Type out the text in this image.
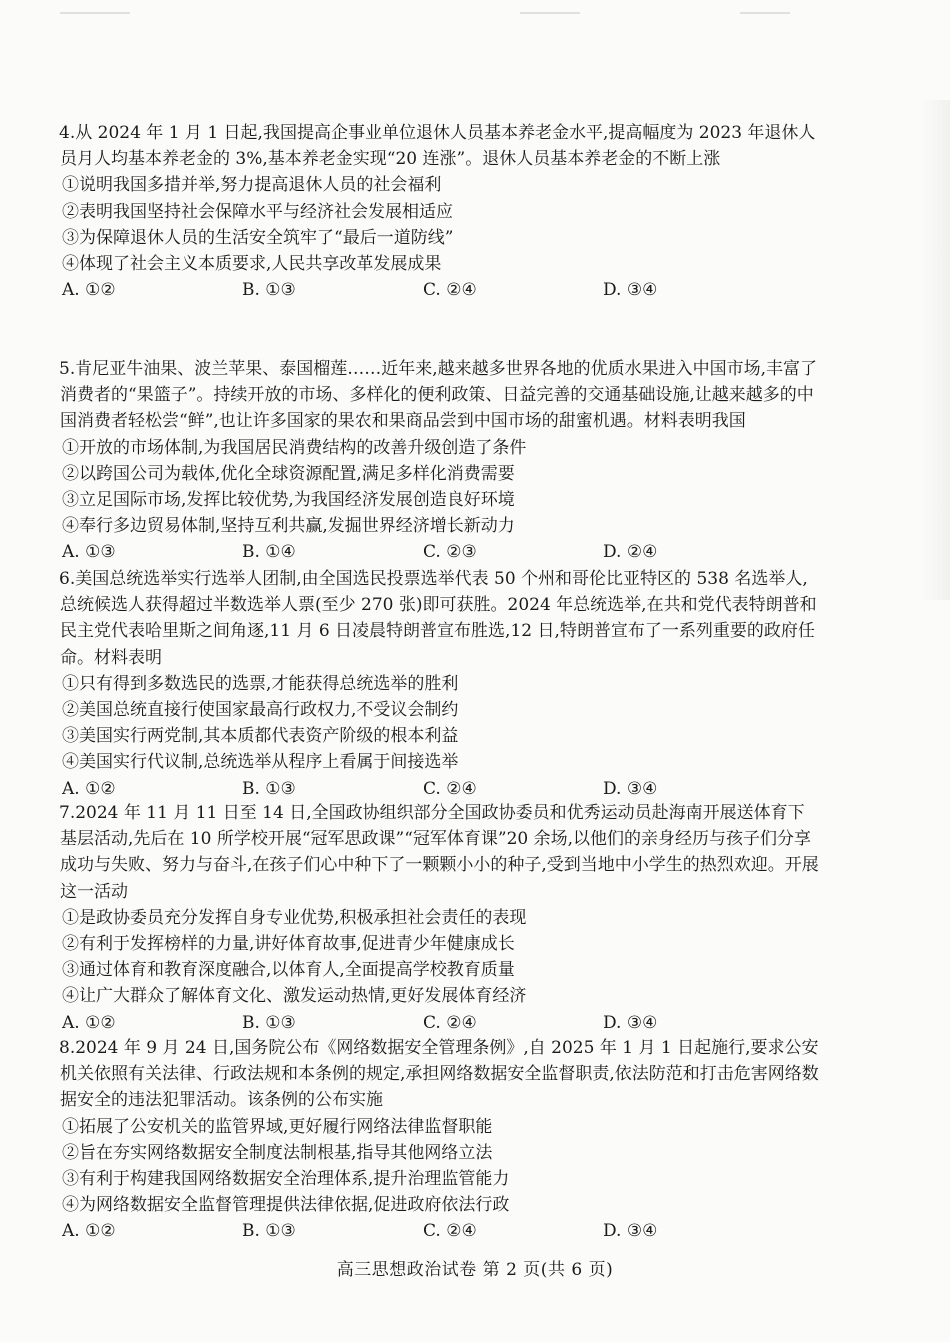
4.从 2024 年 1 月 1 日起,我国提高企事业单位退休人员基本养老金水平,提高幅度为 2023 年退休人员月人均基本养老金的 3%,基本养老金实现“20 连涨”。退休人员基本养老金的不断上涨

①说明我国多措并举,努力提高退休人员的社会福利

②表明我国坚持社会保障水平与经济社会发展相适应

③为保障退休人员的生活安全筑牢了“最后一道防线”

④体现了社会主义本质要求,人民共享改革发展成果

A. ①②	B. ①③	C. ②④	D. ③④

5.肯尼亚牛油果、波兰苹果、泰国榴莲……近年来,越来越多世界各地的优质水果进入中国市场,丰富了消费者的“果篮子”。持续开放的市场、多样化的便利政策、日益完善的交通基础设施,让越来越多的中国消费者轻松尝“鲜”,也让许多国家的果农和果商品尝到中国市场的甜蜜机遇。材料表明我国

①开放的市场体制,为我国居民消费结构的改善升级创造了条件

②以跨国公司为载体,优化全球资源配置,满足多样化消费需要

③立足国际市场,发挥比较优势,为我国经济发展创造良好环境

④奉行多边贸易体制,坚持互利共赢,发掘世界经济增长新动力

A. ①③	B. ①④	C. ②③	D. ②④

6.美国总统选举实行选举人团制,由全国选民投票选举代表 50 个州和哥伦比亚特区的 538 名选举人,总统候选人获得超过半数选举人票(至少 270 张)即可获胜。2024 年总统选举,在共和党代表特朗普和民主党代表哈里斯之间角逐,11 月 6 日凌晨特朗普宣布胜选,12 日,特朗普宣布了一系列重要的政府任命。材料表明

①只有得到多数选民的选票,才能获得总统选举的胜利

②美国总统直接行使国家最高行政权力,不受议会制约

③美国实行两党制,其本质都代表资产阶级的根本利益

④美国实行代议制,总统选举从程序上看属于间接选举

A. ①②	B. ①③	C. ②④	D. ③④

7.2024 年 11 月 11 日至 14 日,全国政协组织部分全国政协委员和优秀运动员赴海南开展送体育下基层活动,先后在 10 所学校开展“冠军思政课”“冠军体育课”20 余场,以他们的亲身经历与孩子们分享成功与失败、努力与奋斗,在孩子们心中种下了一颗颗小小的种子,受到当地中小学生的热烈欢迎。开展这一活动

①是政协委员充分发挥自身专业优势,积极承担社会责任的表现

②有利于发挥榜样的力量,讲好体育故事,促进青少年健康成长

③通过体育和教育深度融合,以体育人,全面提高学校教育质量

④让广大群众了解体育文化、激发运动热情,更好发展体育经济

A. ①②	B. ①③	C. ②④	D. ③④

8.2024 年 9 月 24 日,国务院公布《网络数据安全管理条例》,自 2025 年 1 月 1 日起施行,要求公安机关依照有关法律、行政法规和本条例的规定,承担网络数据安全监督职责,依法防范和打击危害网络数据安全的违法犯罪活动。该条例的公布实施

①拓展了公安机关的监管界域,更好履行网络法律监督职能

②旨在夯实网络数据安全制度法制根基,指导其他网络立法

③有利于构建我国网络数据安全治理体系,提升治理监管能力

④为网络数据安全监督管理提供法律依据,促进政府依法行政

A. ①②	B. ①③	C. ②④	D. ③④
高三思想政治试卷 第 2 页(共 6 页)
